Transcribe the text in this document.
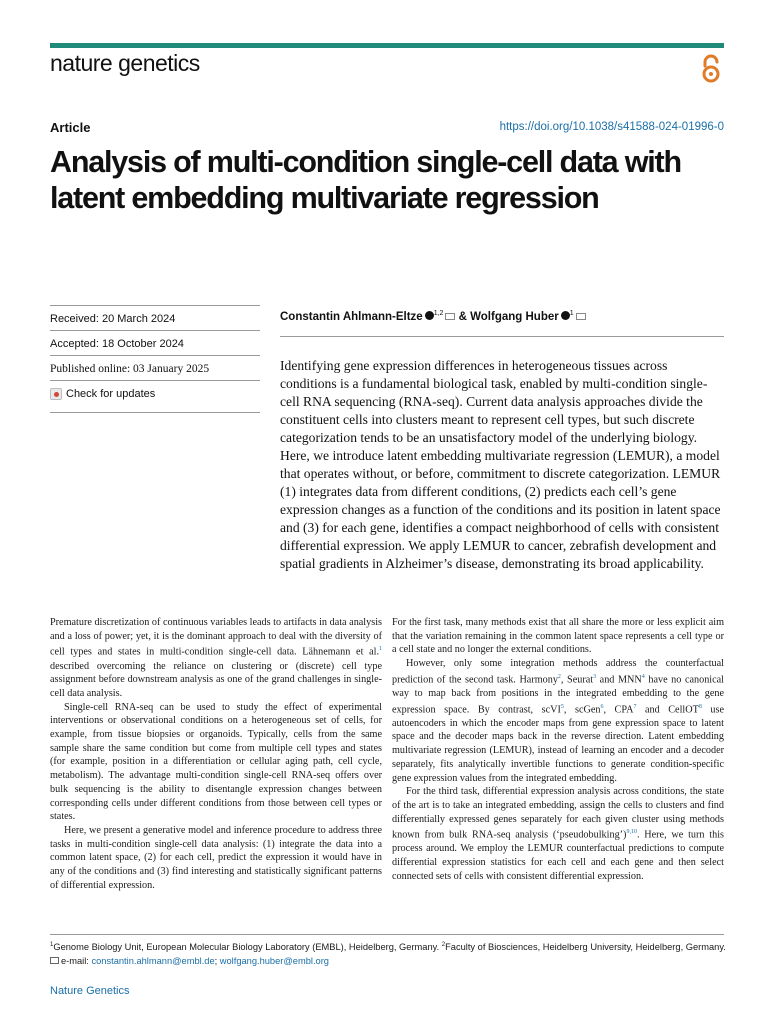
nature genetics
Article	https://doi.org/10.1038/s41588-024-01996-0
Analysis of multi-condition single-cell data with latent embedding multivariate regression
Received: 20 March 2024
Accepted: 18 October 2024
Published online: 03 January 2025
Check for updates
Constantin Ahlmann-Eltze $^{1,2}$ & Wolfgang Huber $^1$

Identifying gene expression differences in heterogeneous tissues across conditions is a fundamental biological task, enabled by multi-condition single-cell RNA sequencing (RNA-seq). Current data analysis approaches divide the constituent cells into clusters meant to represent cell types, but such discrete categorization tends to be an unsatisfactory model of the underlying biology. Here, we introduce latent embedding multivariate regression (LEMUR), a model that operates without, or before, commitment to discrete categorization. LEMUR (1) integrates data from different conditions, (2) predicts each cell’s gene expression changes as a function of the conditions and its position in latent space and (3) for each gene, identifies a compact neighborhood of cells with consistent differential expression. We apply LEMUR to cancer, zebrafish development and spatial gradients in Alzheimer’s disease, demonstrating its broad applicability.

Premature discretization of continuous variables leads to artifacts in data analysis and a loss of power; yet, it is the dominant approach to deal with the diversity of cell types and states in multi-condition single-cell data. Lähnemann et al.$^1$ described overcoming the reliance on clustering or (discrete) cell type assignment before downstream analysis as one of the grand challenges in single-cell data analysis.

Single-cell RNA-seq can be used to study the effect of experimental interventions or observational conditions on a heterogeneous set of cells, for example, from tissue biopsies or organoids. Typically, cells from the same sample share the same condition but come from multiple cell types and states (for example, position in a differentiation or cellular aging path, cell cycle, metabolism). The advantage multi-condition single-cell RNA-seq offers over bulk sequencing is the ability to disentangle expression changes between corresponding cells under different conditions from those between cell types or states.

Here, we present a generative model and inference procedure to address three tasks in multi-condition single-cell data analysis: (1) integrate the data into a common latent space, (2) for each cell, predict the expression it would have in any of the conditions and (3) find interesting and statistically significant patterns of differential expression.

For the first task, many methods exist that all share the more or less explicit aim that the variation remaining in the common latent space represents a cell type or a cell state and no longer the external conditions.

However, only some integration methods address the counterfactual prediction of the second task. Harmony$^2$, Seurat$^3$ and MNN$^4$ have no canonical way to map back from positions in the integrated embedding to the gene expression space. By contrast, scVI$^5$, scGen$^6$, CPA$^7$ and CellOT$^8$ use autoencoders in which the encoder maps from gene expression space to latent space and the decoder maps back in the reverse direction. Latent embedding multivariate regression (LEMUR), instead of learning an encoder and a decoder separately, fits analytically invertible functions to generate condition-specific gene expression values from the integrated embedding.

For the third task, differential expression analysis across conditions, the state of the art is to take an integrated embedding, assign the cells to clusters and find differentially expressed genes separately for each given cluster using methods known from bulk RNA-seq analysis (‘pseudobulking’)$^{9,10}$. Here, we turn this process around. We employ the LEMUR counterfactual predictions to compute differential expression statistics for each cell and each gene and then select connected sets of cells with consistent differential expression.

$^1$Genome Biology Unit, European Molecular Biology Laboratory (EMBL), Heidelberg, Germany. $^2$Faculty of Biosciences, Heidelberg University, Heidelberg, Germany. e-mail: constantin.ahlmann@embl.de; wolfgang.huber@embl.org
Nature Genetics
